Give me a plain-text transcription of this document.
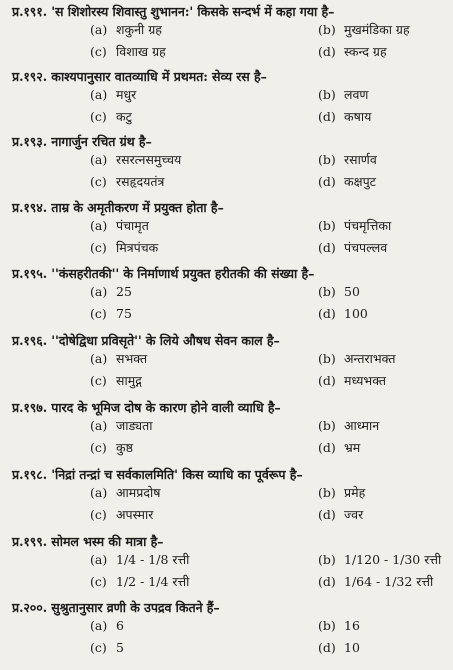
प्र.१९१. 'स शिशोरस्य शिवास्तु शुभानन:' किसके सन्दर्भ में कहा गया है–
(a) शकुनी ग्रह	(b) मुखमंडिका ग्रह
(c) विशाख ग्रह	(d) स्कन्द ग्रह
प्र.१९२. काश्यपानुसार वातव्याधि में प्रथमत: सेव्य रस है–
(a) मधुर	(b) लवण
(c) कटु	(d) कषाय
प्र.१९३. नागार्जुन रचित ग्रंथ है–
(a) रसरत्नसमुच्चय	(b) रसार्णव
(c) रसहृदयतंत्र	(d) कक्षपुट
प्र.१९४. ताम्र के अमृतीकरण में प्रयुक्त होता है–
(a) पंचामृत	(b) पंचमृत्तिका
(c) मित्रपंचक	(d) पंचपल्लव
प्र.१९५. ''कंसहरीतकी'' के निर्माणार्थ प्रयुक्त हरीतकी की संख्या है–
(a) 25	(b) 50
(c) 75	(d) 100
प्र.१९६. ''दोषेद्विधा प्रविसृते'' के लिये औषध सेवन काल है–
(a) सभक्त	(b) अन्तराभक्त
(c) सामुद्ग	(d) मध्यभक्त
प्र.१९७. पारद के भूमिज दोष के कारण होने वाली व्याधि है–
(a) जाड्यता	(b) आध्मान
(c) कुष्ठ	(d) भ्रम
प्र.१९८. 'निद्रां तन्द्रां च सर्वकालमिति' किस व्याधि का पूर्वरूप है–
(a) आमप्रदोष	(b) प्रमेह
(c) अपस्मार	(d) ज्वर
प्र.१९९. सोमल भस्म की मात्रा है–
(a) 1/4 - 1/8 रत्ती	(b) 1/120 - 1/30 रत्ती
(c) 1/2 - 1/4 रत्ती	(d) 1/64 - 1/32 रत्ती
प्र.२००. सुश्रुतानुसार व्रणी के उपद्रव कितने हैं–
(a) 6	(b) 16
(c) 5	(d) 10
